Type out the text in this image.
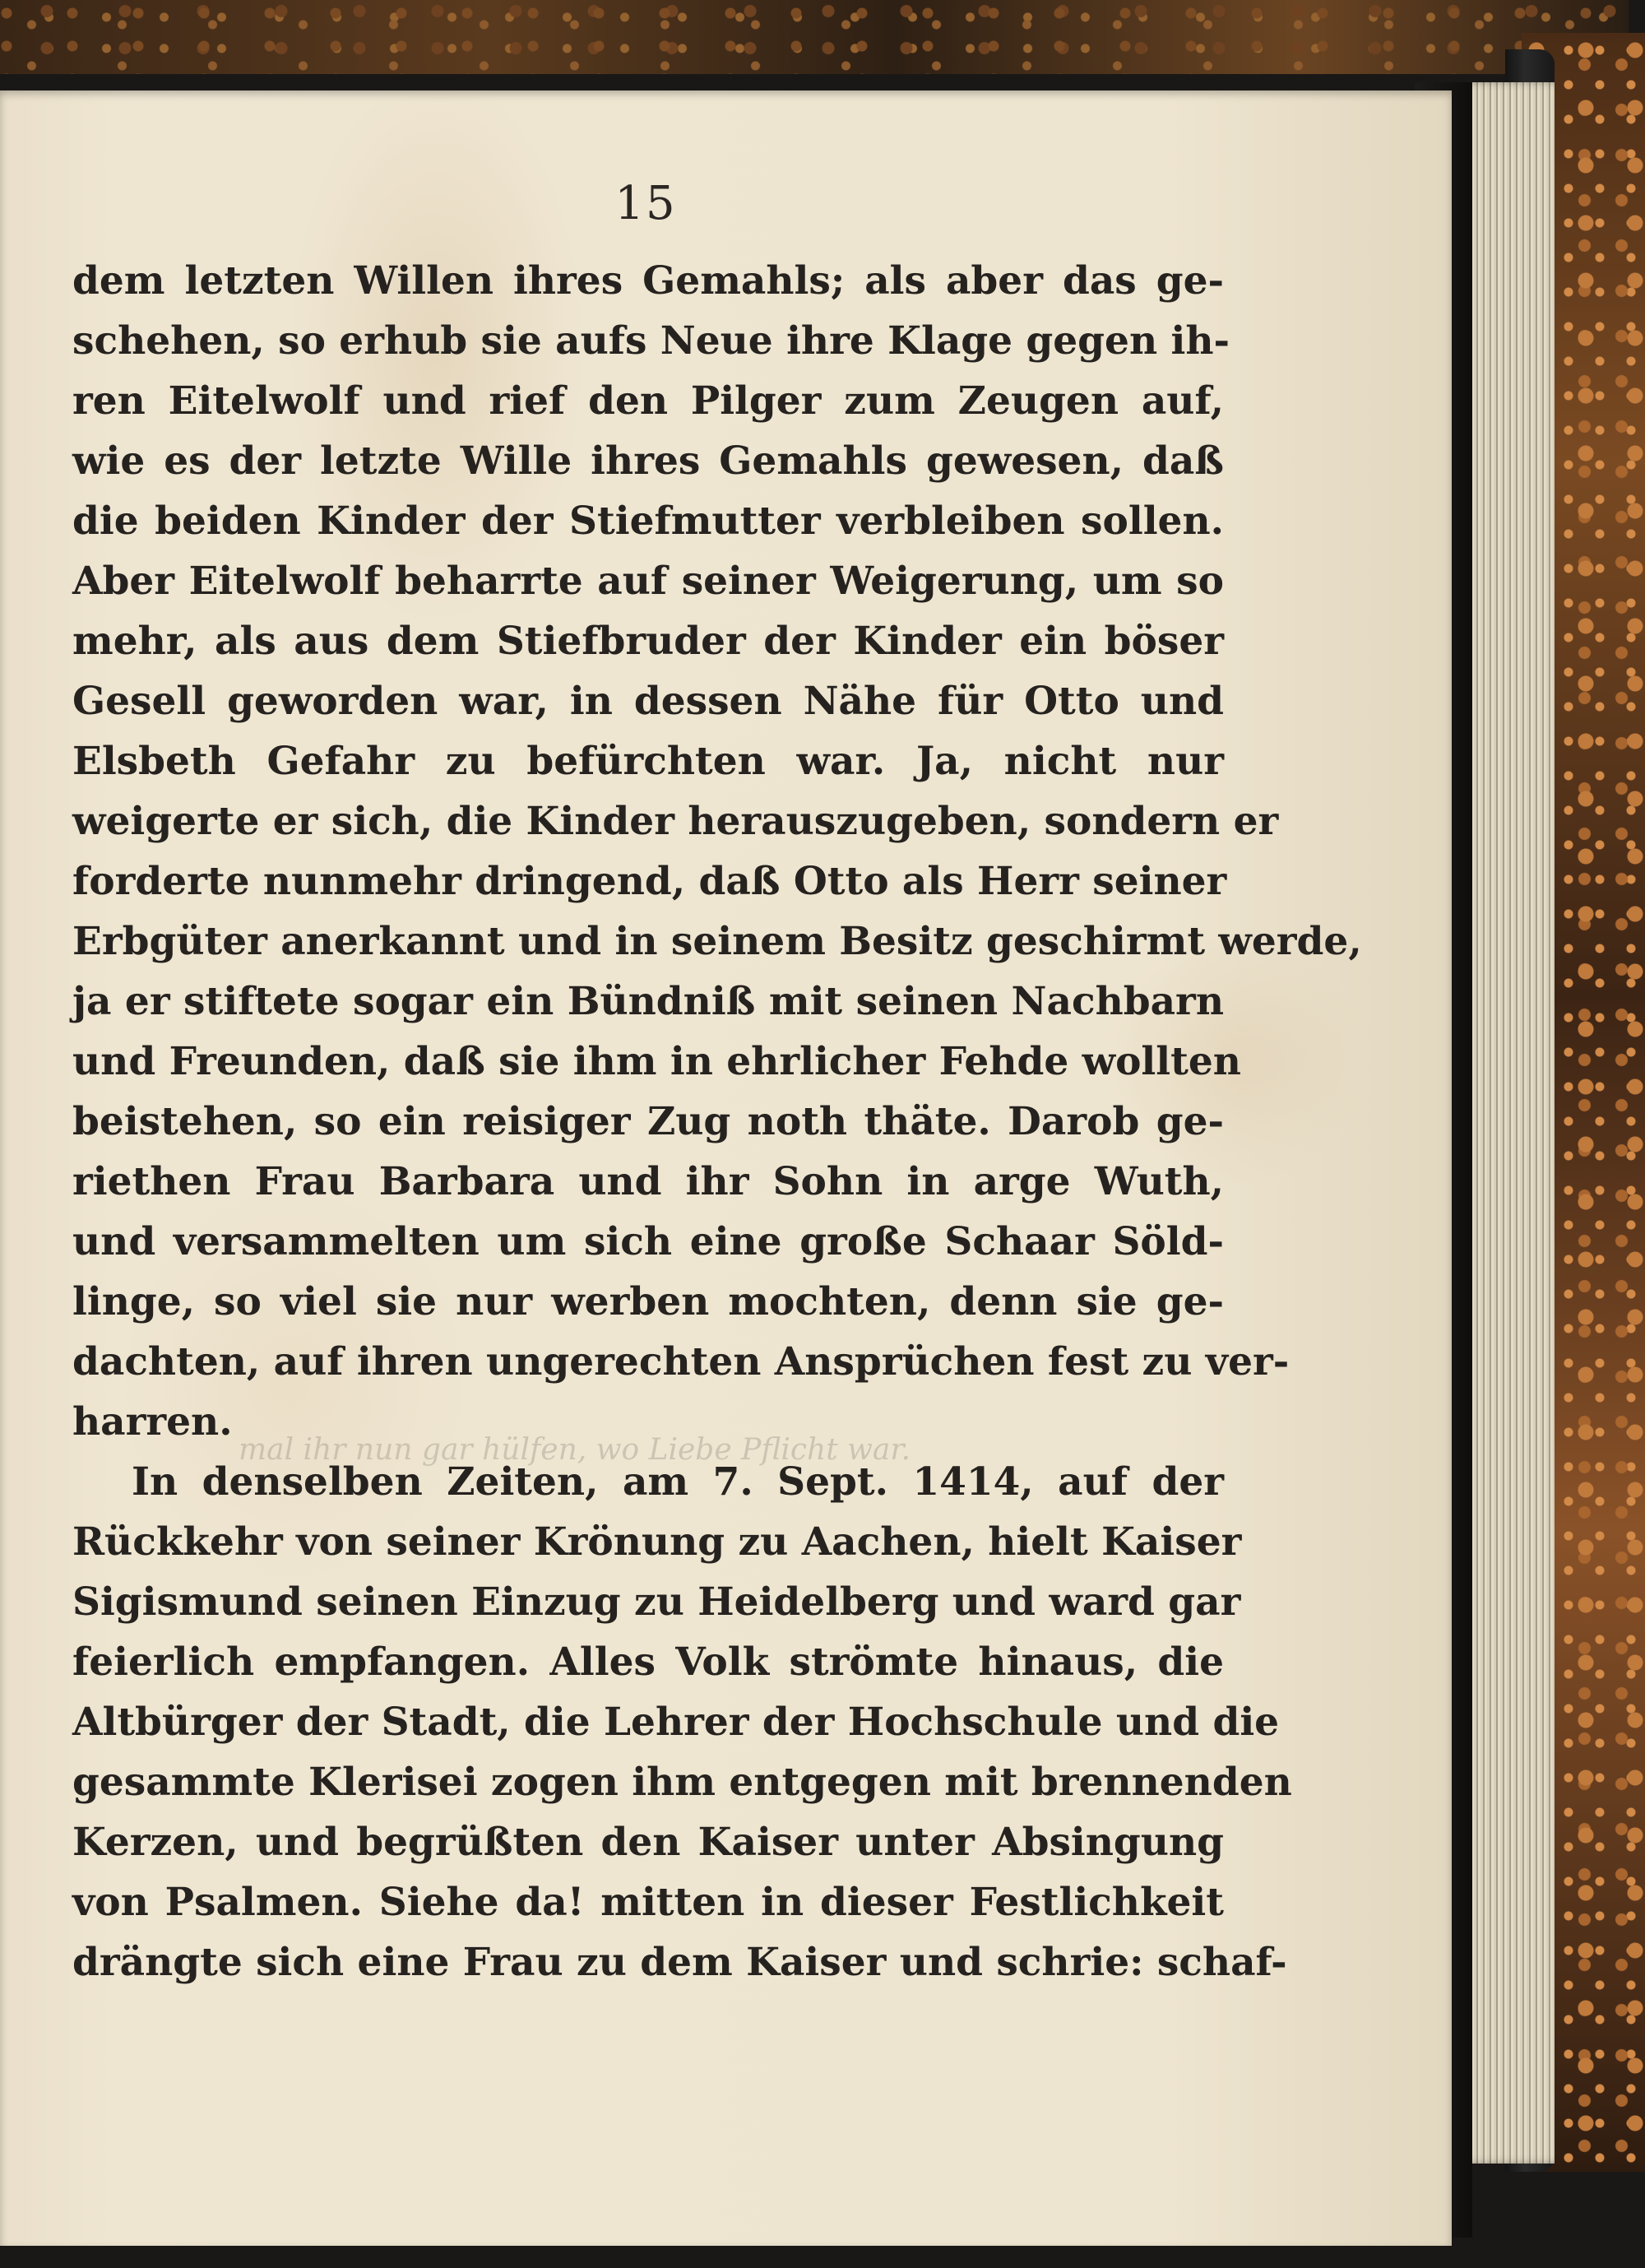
15
mal ihr nun gar hülfen, wo Liebe Pflicht war.
dem letzten Willen ihres Gemahls; als aber das ge-
schehen, so erhub sie aufs Neue ihre Klage gegen ih-
ren Eitelwolf und rief den Pilger zum Zeugen auf,
wie es der letzte Wille ihres Gemahls gewesen, daß
die beiden Kinder der Stiefmutter verbleiben sollen.
Aber Eitelwolf beharrte auf seiner Weigerung, um so
mehr, als aus dem Stiefbruder der Kinder ein böser
Gesell geworden war, in dessen Nähe für Otto und
Elsbeth Gefahr zu befürchten war. Ja, nicht nur
weigerte er sich, die Kinder herauszugeben, sondern er
forderte nunmehr dringend, daß Otto als Herr seiner
Erbgüter anerkannt und in seinem Besitz geschirmt werde,
ja er stiftete sogar ein Bündniß mit seinen Nachbarn
und Freunden, daß sie ihm in ehrlicher Fehde wollten
beistehen, so ein reisiger Zug noth thäte. Darob ge-
riethen Frau Barbara und ihr Sohn in arge Wuth,
und versammelten um sich eine große Schaar Söld-
linge, so viel sie nur werben mochten, denn sie ge-
dachten, auf ihren ungerechten Ansprüchen fest zu ver-
harren.
In denselben Zeiten, am 7. Sept. 1414, auf der
Rückkehr von seiner Krönung zu Aachen, hielt Kaiser
Sigismund seinen Einzug zu Heidelberg und ward gar
feierlich empfangen. Alles Volk strömte hinaus, die
Altbürger der Stadt, die Lehrer der Hochschule und die
gesammte Klerisei zogen ihm entgegen mit brennenden
Kerzen, und begrüßten den Kaiser unter Absingung
von Psalmen. Siehe da! mitten in dieser Festlichkeit
drängte sich eine Frau zu dem Kaiser und schrie: schaf-
